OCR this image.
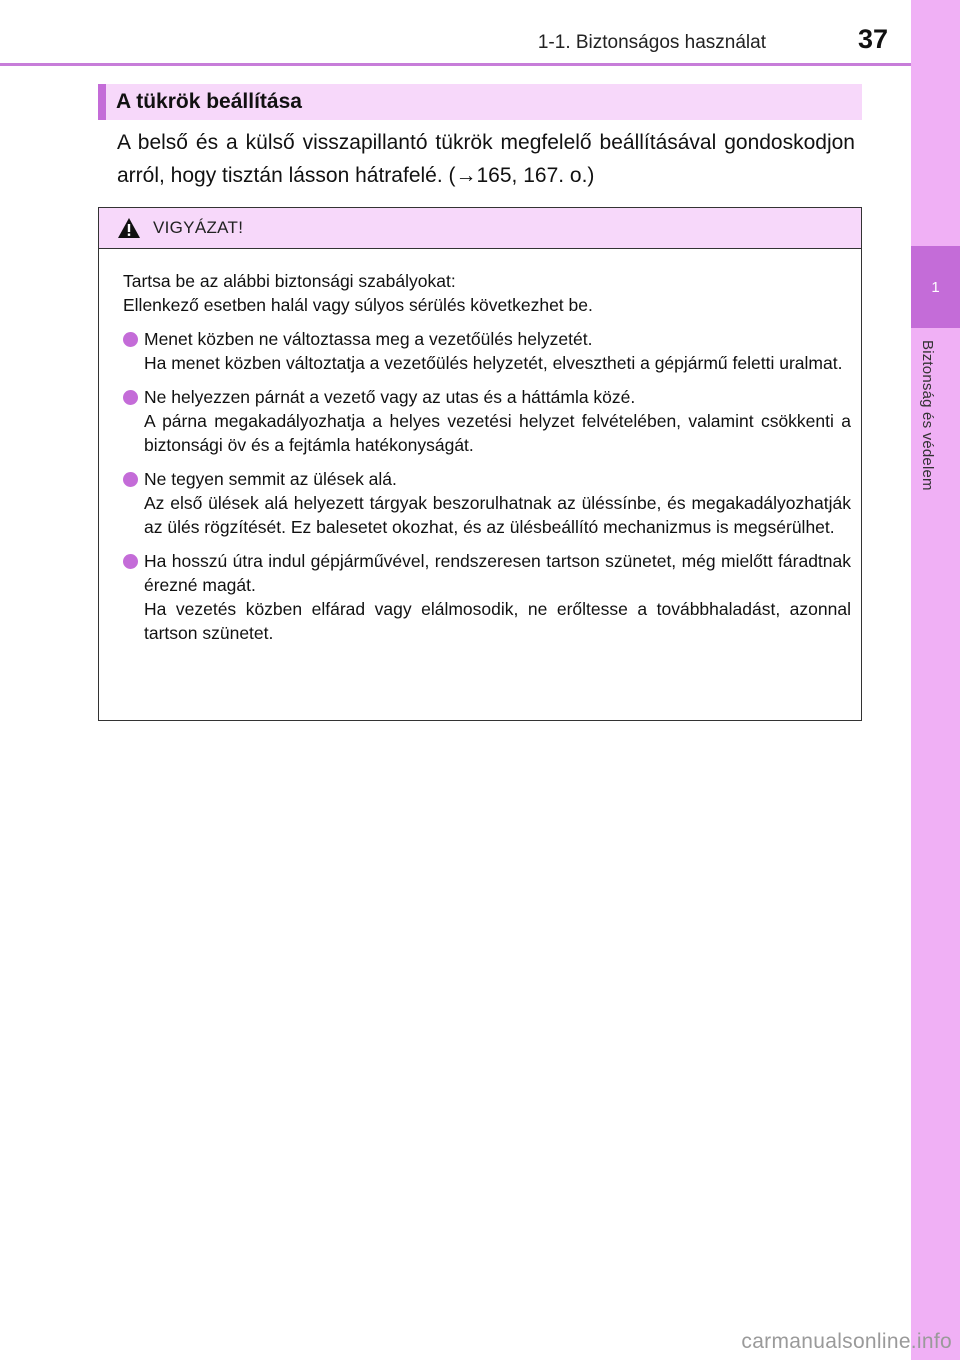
1-1. Biztonságos használat	37
1
Biztonság és védelem
A tükrök beállítása
A belső és a külső visszapillantó tükrök megfelelő beállításával gondoskodjon arról, hogy tisztán lásson hátrafelé. (→165, 167. o.)
VIGYÁZAT!
Tartsa be az alábbi biztonsági szabályokat:
Ellenkező esetben halál vagy súlyos sérülés következhet be.
Menet közben ne változtassa meg a vezetőülés helyzetét.
Ha menet közben változtatja a vezetőülés helyzetét, elvesztheti a gépjármű feletti uralmat.
Ne helyezzen párnát a vezető vagy az utas és a háttámla közé.
A párna megakadályozhatja a helyes vezetési helyzet felvételében, valamint csökkenti a biztonsági öv és a fejtámla hatékonyságát.
Ne tegyen semmit az ülések alá.
Az első ülések alá helyezett tárgyak beszorulhatnak az üléssínbe, és megakadályozhatják az ülés rögzítését. Ez balesetet okozhat, és az ülésbeállító mechanizmus is megsérülhet.
Ha hosszú útra indul gépjárművével, rendszeresen tartson szünetet, még mielőtt fáradtnak érezné magát.
Ha vezetés közben elfárad vagy elálmosodik, ne erőltesse a továbbhaladást, azonnal tartson szünetet.
carmanualsonline.info
